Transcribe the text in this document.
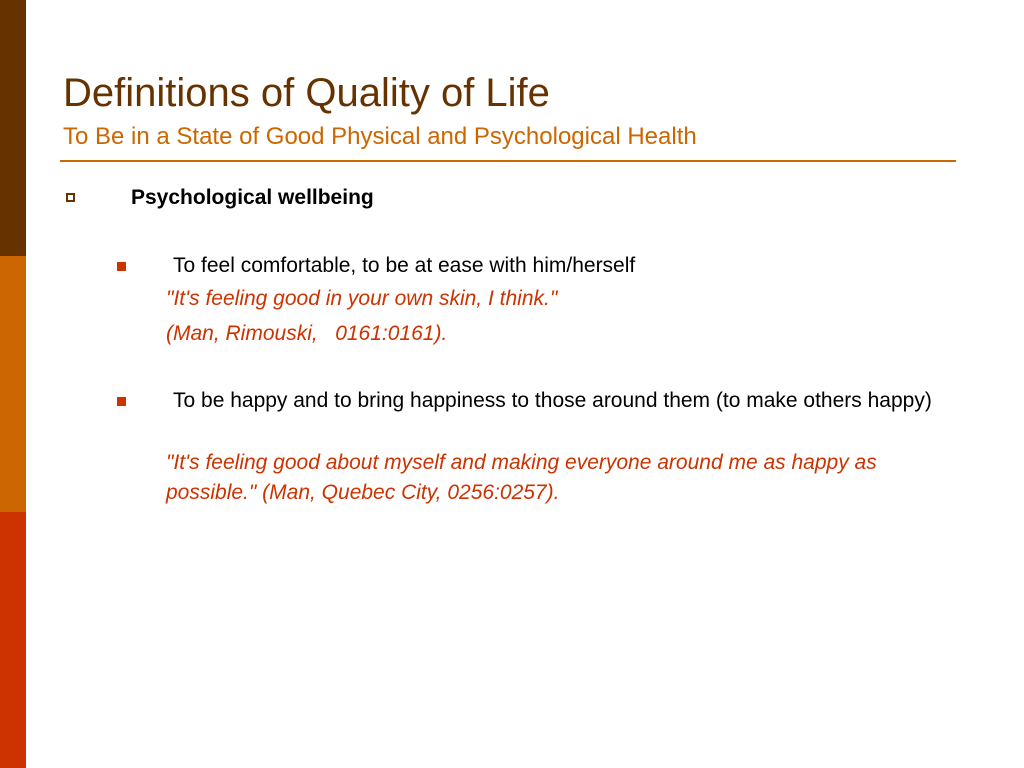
Definitions of Quality of Life
To Be in a State of Good Physical and Psychological Health
Psychological wellbeing
To feel comfortable, to be at ease with him/herself
"It's feeling good in your own skin, I think."
(Man, Rimouski,   0161:0161).
To be happy and to bring happiness to those around them (to make others happy)
"It's feeling good about myself and making everyone around me as happy as possible." (Man, Quebec City, 0256:0257).
